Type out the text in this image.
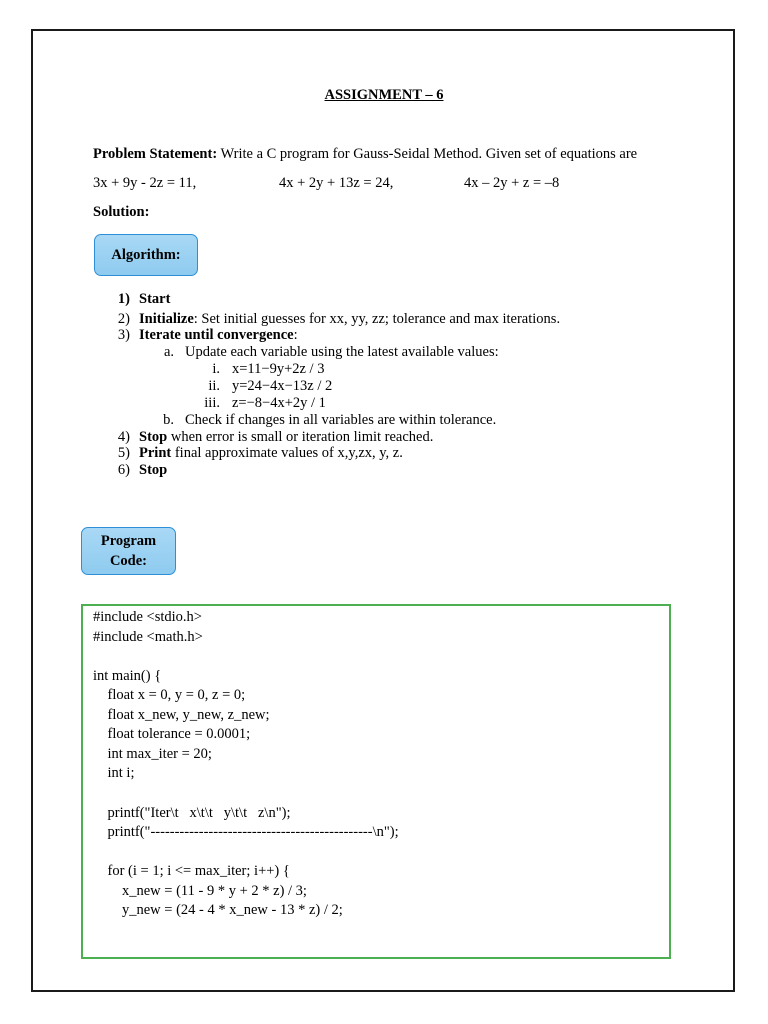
ASSIGNMENT – 6
Problem Statement: Write a C program for Gauss-Seidal Method. Given set of equations are
3x + 9y - 2z = 11,	4x + 2y + 13z = 24,	4x – 2y + z = –8
Solution:
Algorithm:
1) Start
2) Initialize: Set initial guesses for xx, yy, zz; tolerance and max iterations.
3) Iterate until convergence:
a. Update each variable using the latest available values:
i. x=11−9y+2z / 3
ii. y=24−4x−13z / 2
iii. z=−8−4x+2y / 1
b. Check if changes in all variables are within tolerance.
4) Stop when error is small or iteration limit reached.
5) Print final approximate values of x,y,zx, y, z.
6) Stop
Program
Code:
#include <stdio.h>
#include <math.h>
int main() {
float x = 0, y = 0, z = 0;
float x_new, y_new, z_new;
float tolerance = 0.0001;
int max_iter = 20;
int i;
printf("Iter\t   x\t\t   y\t\t   z\n");
printf("----------------------------------------------\n");
for (i = 1; i <= max_iter; i++) {
x_new = (11 - 9 * y + 2 * z) / 3;
y_new = (24 - 4 * x_new - 13 * z) / 2;
